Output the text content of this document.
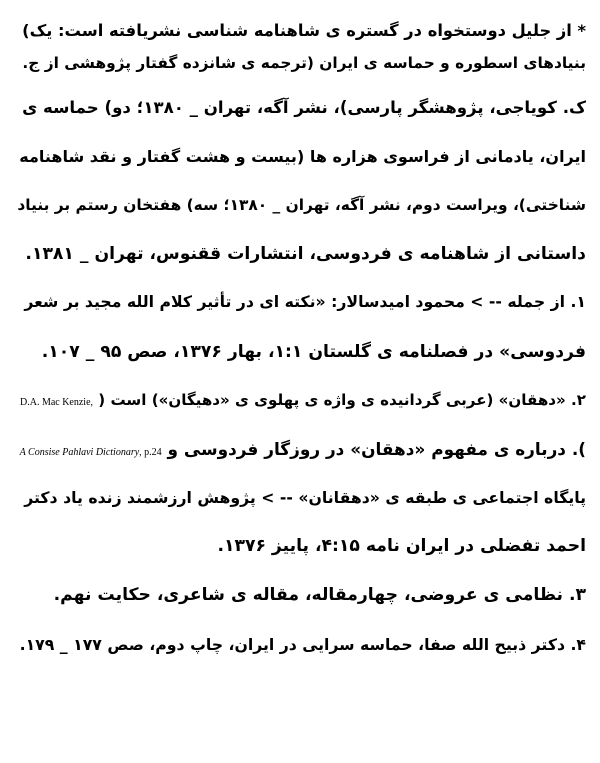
* از جلیل دوستخواه در گستره ی شاهنامه شناسی نشریافته است: یک)
بنیادهای اسطوره و حماسه ی ایران (ترجمه ی شانزده گفتار پژوهشی از ج.
ک. کویاجی، پژوهشگر پارسی)، نشر آگه، تهران _ ۱۳۸۰؛ دو) حماسه ی
ایران، یادمانی از فراسوی هزاره ها (بیست و هشت گفتار و نقد شاهنامه
شناختی)، ویراست دوم، نشر آگه، تهران _ ۱۳۸۰؛ سه) هفتخان رستم بر بنیاد
داستانی از شاهنامه ی فردوسی، انتشارات ققنوس، تهران _ ۱۳۸۱.
۱. از جمله -- > محمود امیدسالار: «نکته ای در تأثیر کلام الله مجید بر شعر
فردوسی» در فصلنامه ی گلستان ۱:۱، بهار ۱۳۷۶، صص ۹۵ _ ۱۰۷.
۲. «دهقان» (عربی گردانیده ی واژه ی پهلوی ی «دهیگان») است ( D.A. Mac Kenzie,
). درباره ی مفهوم «دهقان» در روزگار فردوسی و A Consise Pahlavi Dictionary, p.24
پایگاه اجتماعی ی طبقه ی «دهقانان» -- > پژوهش ارزشمند زنده یاد دکتر
احمد تفضلی در ایران نامه ۴:۱۵، پاییز ۱۳۷۶.
۳. نظامی ی عروضی، چهارمقاله، مقاله ی شاعری، حکایت نهم.
۴. دکتر ذبیح الله صفا، حماسه سرایی در ایران، چاپ دوم، صص ۱۷۷ _ ۱۷۹.
